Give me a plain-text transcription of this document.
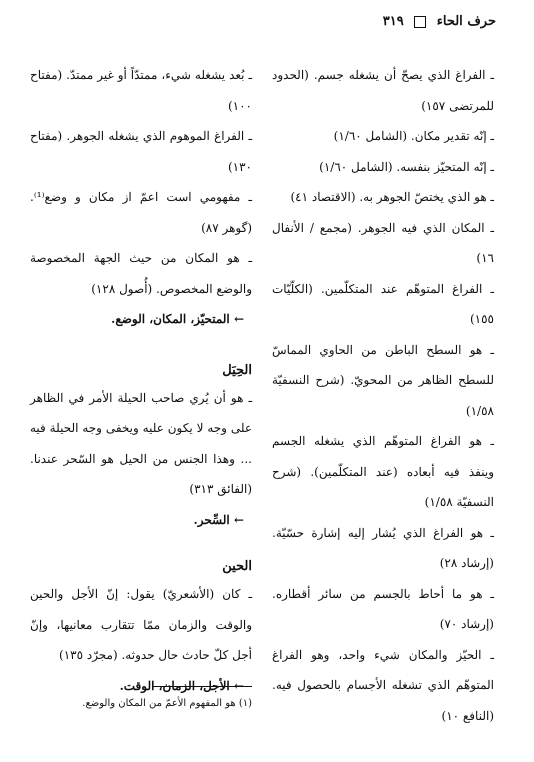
حرف الحاء  ٣١٩

ـ الفراغ الذي يصحّ أن يشغله جسم. (الحدود للمرتضى ١٥٧)

ـ إنّه تقدير مكان. (الشامل ١/٦٠)

ـ إنّه المتحيّز بنفسه. (الشامل ١/٦٠)

ـ هو الذي يختصّ الجوهر به. (الاقتصاد ٤١)

ـ المكان الذي فيه الجوهر. (مجمع / الأنفال ١٦)

ـ الفراغ المتوهّم عند المتكلّمين. (الكلّيّات ١٥٥)

ـ هو السطح الباطن من الحاوي المماسّ للسطح الظاهر من المحويّ. (شرح النسفيّة ١/٥٨)

ـ هو الفراغ المتوهّم الذي يشغله الجسم وينفذ فيه أبعاده (عند المتكلّمين). (شرح النسفيّة ١/٥٨)

ـ هو الفراغ الذي يُشار إليه إشارة حسّيّة. (إرشاد ٢٨)

ـ هو ما أحاط بالجسم من سائر أقطاره. (إرشاد ٧٠)

ـ الحيّز والمكان شيء واحد، وهو الفراغ المتوهّم الذي تشغله الأجسام بالحصول فيه. (النافع ١٠)

ـ بُعد يشغله شيء، ممتدّاً أو غير ممتدّ. (مفتاح ١٠٠)

ـ الفراغ الموهوم الذي يشغله الجوهر. (مفتاح ١٣٠)

ـ مفهومي است اعمّ از مكان و وضع⁽¹⁾. (گوهر ٨٧)

ـ هو المكان من حيث الجهة المخصوصة والوضع المخصوص. (أُصول ١٢٨)

← المتحيّز، المكان، الوضع.

الحِيَل

ـ هو أن يُري صاحب الحيلة الأمر في الظاهر على وجه لا يكون عليه ويخفى وجه الحيلة فيه ... وهذا الجنس من الحيل هو السّحر عندنا. (الفائق ٣١٣)

← السِّحر.

الحين

ـ كان (الأشعريّ) يقول: إنّ الأجل والحين والوقت والزمان ممّا تتقارب معانيها، وإنّ أجل كلّ حادث حال حدوثه. (مجرّد ١٣٥)

← الأجل، الزمان، الوقت.

(١) هو المفهوم الأعمّ من المكان والوضع.
